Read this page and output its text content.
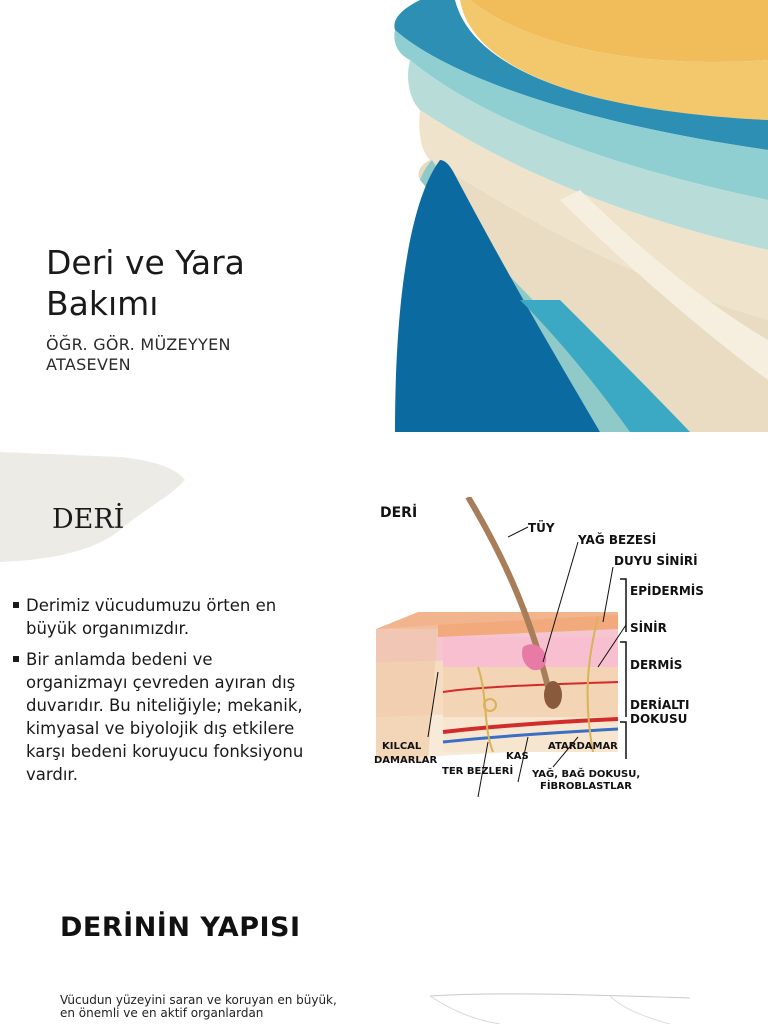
Deri ve Yara Bakımı

ÖĞR. GÖR. MÜZEYYEN ATASEVEN

DERİ
Derimiz vücudumuzu örten en büyük organımızdır.
Bir anlamda bedeni ve organizmayı çevreden ayıran dış duvarıdır. Bu niteliğiyle; mekanik, kimyasal ve biyolojik dış etkilere karşı bedeni koruyucu fonksiyonu vardır.
DERİ
TÜY
YAĞ BEZESİ
DUYU SİNİRİ
EPİDERMİS
SİNİR
DERMİS
DERİALTI
DOKUSU
KILCAL
DAMARLAR	KAS
ATARDAMAR
TER BEZLERİ YAĞ, BAĞ DOKUSU,
FİBROBLASTLAR
DERİNİN YAPISI

Vücudun yüzeyini saran ve koruyan en büyük, en önemli ve en aktif organlardan
